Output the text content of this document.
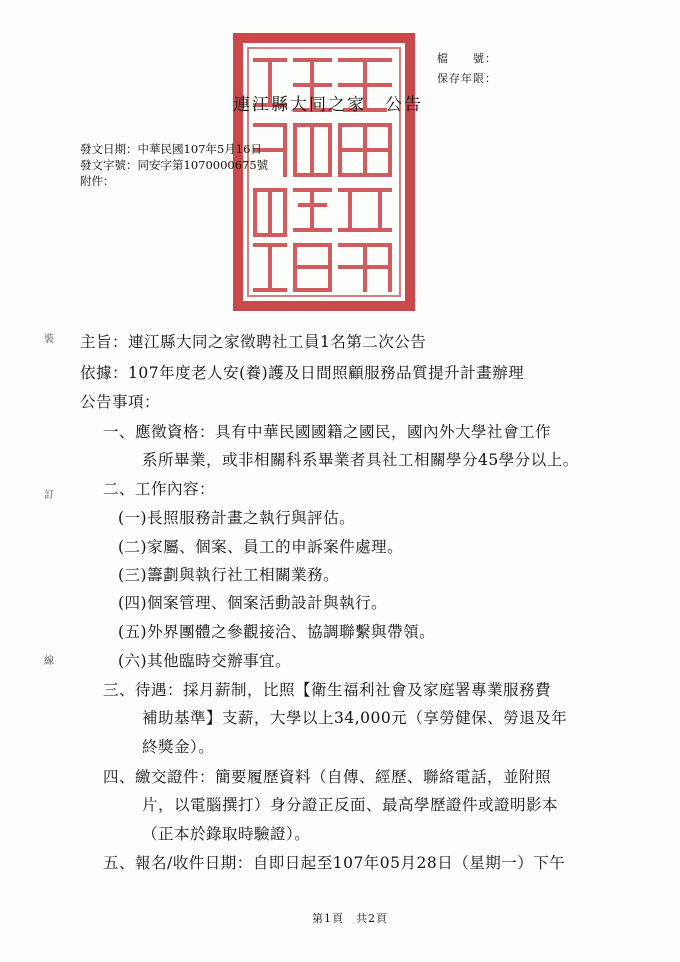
檔　　號：
保存年限：
連江縣大同之家　公告
發文日期：中華民國107年5月16日
發文字號：同安字第1070000675號
附件：
裝
訂
線
主旨：連江縣大同之家徵聘社工員1名第二次公告
依據：107年度老人安(養)護及日間照顧服務品質提升計畫辦理
公告事項：
一、應徵資格：具有中華民國國籍之國民，國內外大學社會工作
系所畢業，或非相關科系畢業者具社工相關學分45學分以上。
二、工作內容：
(一)長照服務計畫之執行與評估。
(二)家屬、個案、員工的申訴案件處理。
(三)籌劃與執行社工相關業務。
(四)個案管理、個案活動設計與執行。
(五)外界團體之參觀接洽、協調聯繫與帶領。
(六)其他臨時交辦事宜。
三、待遇：採月薪制，比照【衛生福利社會及家庭署專業服務費
補助基準】支薪，大學以上34,000元（享勞健保、勞退及年
終獎金）。
四、繳交證件：簡要履歷資料（自傳、經歷、聯絡電話，並附照
片，以電腦撰打）身分證正反面、最高學歷證件或證明影本
（正本於錄取時驗證）。
五、報名/收件日期：自即日起至107年05月28日（星期一）下午
第1頁　共2頁
